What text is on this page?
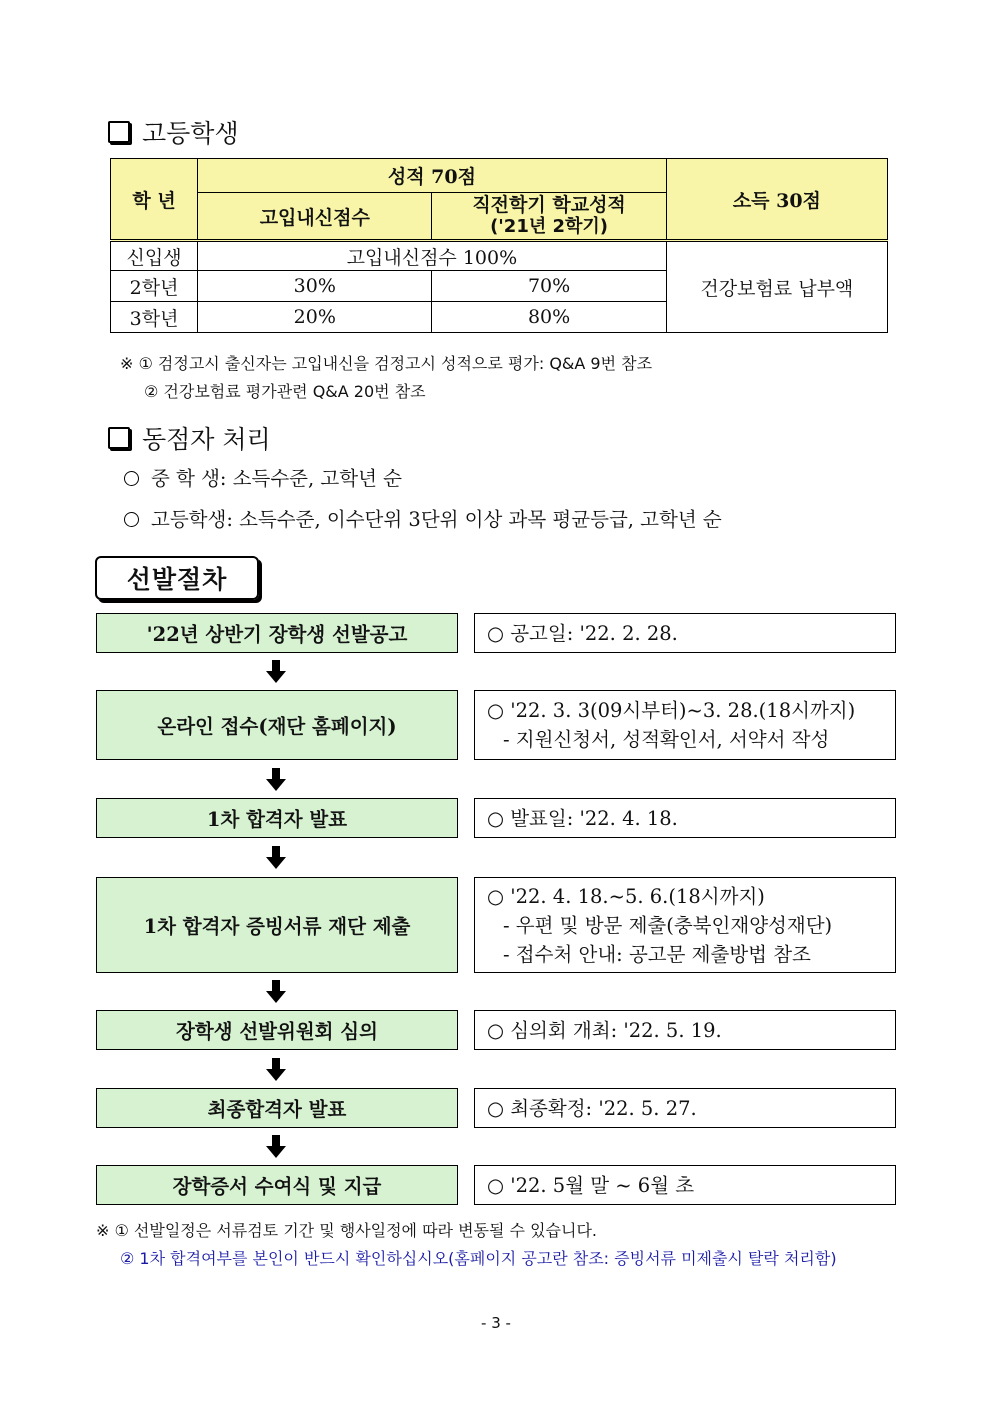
고등학생
학 년	성적 70점		소득 30점
	고입내신점수	직전학기 학교성적
('21년 2학기)	

신입생	고입내신점수 100%		건강보험료 납부액
2학년	30%	70%	
3학년	20%	80%	
※ ① 검정고시 출신자는 고입내신을 검정고시 성적으로 평가: Q&A 9번 참조
② 건강보험료 평가관련 Q&A 20번 참조
동점자 처리
중 학 생: 소득수준, 고학년 순
고등학생: 소득수준, 이수단위 3단위 이상 과목 평균등급, 고학년 순
선발절차
'22년 상반기 장학생 선발공고	○ 공고일: '22. 2. 28.
온라인 접수(재단 홈페이지)
○ '22. 3. 3(09시부터)~3. 28.(18시까지)
- 지원신청서, 성적확인서, 서약서 작성
1차 합격자 발표	○ 발표일: '22. 4. 18.
1차 합격자 증빙서류 재단 제출
○ '22. 4. 18.~5. 6.(18시까지)
- 우편 및 방문 제출(충북인재양성재단)
- 접수처 안내: 공고문 제출방법 참조
장학생 선발위원회 심의	○ 심의회 개최: '22. 5. 19.
최종합격자 발표	○ 최종확정: '22. 5. 27.
장학증서 수여식 및 지급	○ '22. 5월 말 ~ 6월 초
※ ① 선발일정은 서류검토 기간 및 행사일정에 따라 변동될 수 있습니다.
② 1차 합격여부를 본인이 반드시 확인하십시오(홈페이지 공고란 참조: 증빙서류 미제출시 탈락 처리함)
- 3 -
